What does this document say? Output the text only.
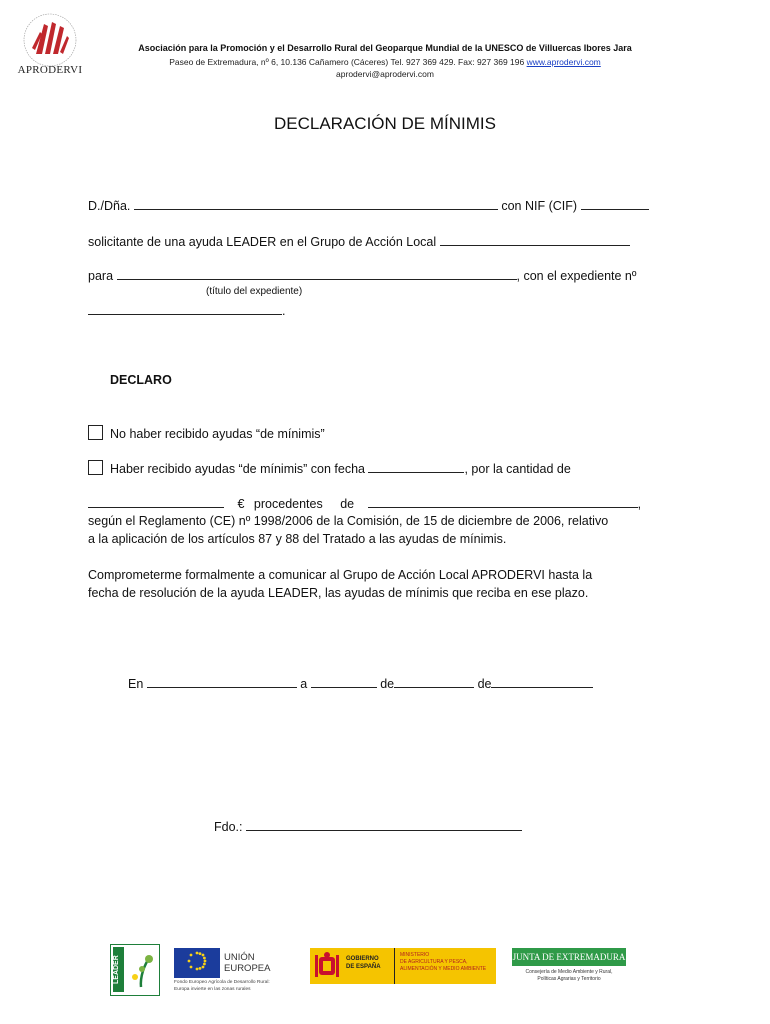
APRODERVI
Asociación para la Promoción y el Desarrollo Rural del Geoparque Mundial de la UNESCO de Villuercas Ibores Jara
Paseo de Extremadura, nº 6, 10.136 Cañamero (Cáceres) Tel. 927 369 429. Fax: 927 369 196 www.aprodervi.com
aprodervi@aprodervi.com
DECLARACIÓN DE MÍNIMIS
D./Dña.	con NIF (CIF)
solicitante de una ayuda LEADER en el Grupo de Acción Local
para	, con el expediente nº
(título del expediente)
.
DECLARO
No haber recibido ayudas “de mínimis”
Haber recibido ayudas “de mínimis” con fecha	, por la cantidad de
€ procedentes de	,
según el Reglamento (CE) nº 1998/2006 de la Comisión, de 15 de diciembre de 2006, relativo
a la aplicación de los artículos 87 y 88 del Tratado a las ayudas de mínimis.
Comprometerme formalmente a comunicar al Grupo de Acción Local APRODERVI hasta la
fecha de resolución de la ayuda LEADER, las ayudas de mínimis que reciba en ese plazo.
En	a	de	de
Fdo.:
LEADER	UNIÓN EUROPEA
Fondo Europeo Agrícola de Desarrollo Rural:
Europa invierte en las zonas rurales
GOBIERNO
DE ESPAÑA
MINISTERIO
DE AGRICULTURA Y PESCA,
ALIMENTACIÓN Y MEDIO AMBIENTE
JUNTA DE EXTREMADURA
Consejería de Medio Ambiente y Rural,
Políticas Agrarias y Territorio
